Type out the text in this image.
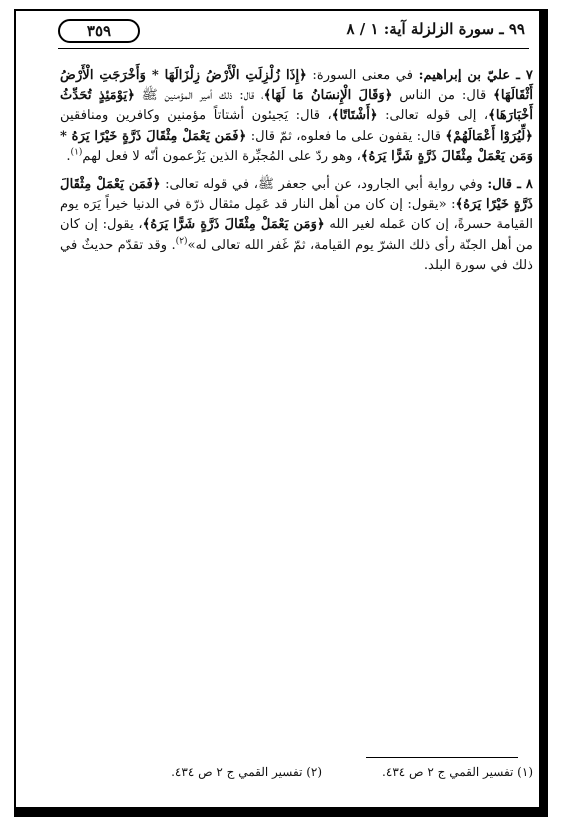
٣٥٩	٩٩ ـ سورة الزلزلة آية: ١ / ٨

٧ ـ عليّ بن إبراهيم: في معنى السورة: ﴿إِذَا زُلْزِلَتِ الْأَرْضُ زِلْزَالَهَا * وَأَخْرَجَتِ الْأَرْضُ أَثْقَالَهَا﴾ قال: من الناس ﴿وَقَالَ الْإِنسَانُ مَا لَهَا﴾، قال: ذلك أمير المؤمنين ﷺ ﴿يَوْمَئِذٍ تُحَدِّثُ أَخْبَارَهَا﴾، إلى قوله تعالى: ﴿أَشْتَاتًا﴾، قال: يَجيئون أشتاتاً مؤمنين وكافرين ومنافقين ﴿لِّيُرَوْا أَعْمَالَهُمْ﴾ قال: يقفون على ما فعلوه، ثمّ قال: ﴿فَمَن يَعْمَلْ مِثْقَالَ ذَرَّةٍ خَيْرًا يَرَهُ * وَمَن يَعْمَلْ مِثْقَالَ ذَرَّةٍ شَرًّا يَرَهُ﴾، وهو ردّ على المُجبِّرة الذين يَزْعمون أنّه لا فعل لهم$^{(١)}$.

٨ ـ قال: وفي رواية أبي الجارود، عن أبي جعفر ﷺ، في قوله تعالى: ﴿فَمَن يَعْمَلْ مِثْقَالَ ذَرَّةٍ خَيْرًا يَرَهُ﴾: «يقول: إن كان من أهل النار قد عَمِل مثقال ذرّة في الدنيا خيراً يَرَه يوم القيامة حسرةً، إن كان عَمله لغير الله ﴿وَمَن يَعْمَلْ مِثْقَالَ ذَرَّةٍ شَرًّا يَرَهُ﴾، يقول: إن كان من أهل الجنّة رأى ذلك الشرّ يوم القيامة، ثمّ غَفر الله تعالى له»$^{(٢)}$. وقد تقدّم حديثٌ في ذلك في سورة البلد.

(١) تفسير القمي ج ٢ ص ٤٣٤.
(٢) تفسير القمي ج ٢ ص ٤٣٤.
